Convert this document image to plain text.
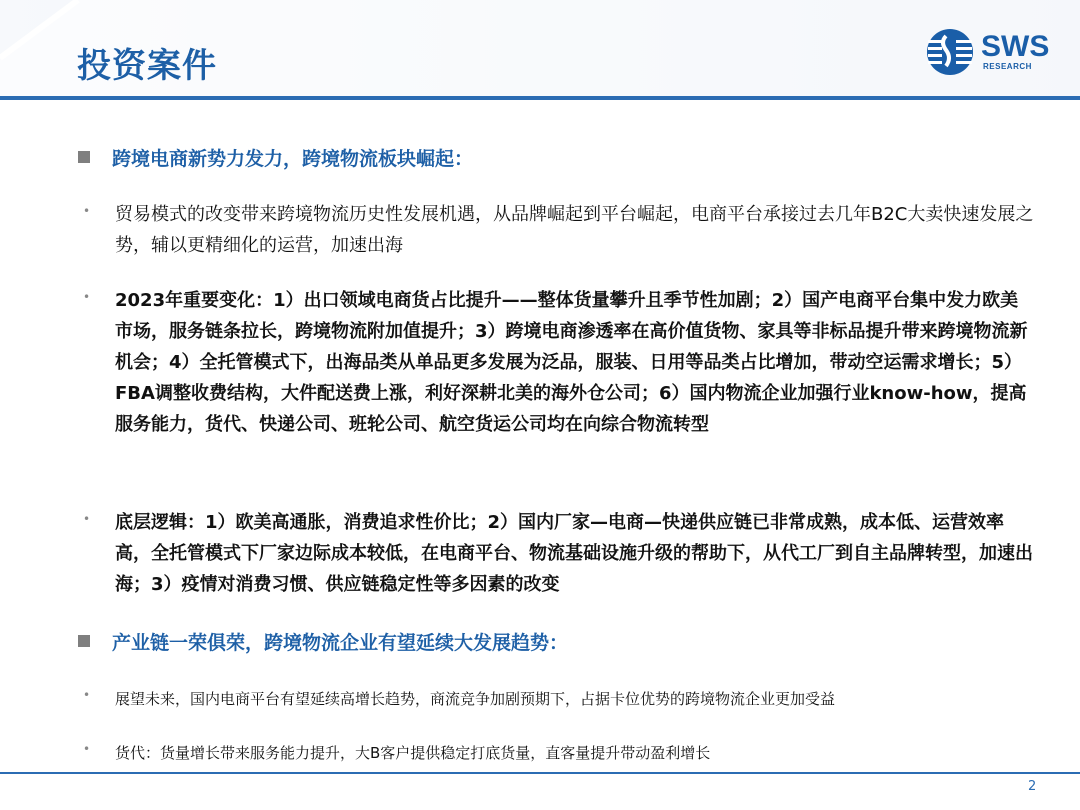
投资案件	SWS
RESEARCH
跨境电商新势力发力，跨境物流板块崛起：
• 贸易模式的改变带来跨境物流历史性发展机遇，从品牌崛起到平台崛起，电商平台承接过去几年B2C大卖快速发展之势，辅以更精细化的运营，加速出海
• 2023年重要变化：1）出口领域电商货占比提升——整体货量攀升且季节性加剧；2）国产电商平台集中发力欧美市场，服务链条拉长，跨境物流附加值提升；3）跨境电商渗透率在高价值货物、家具等非标品提升带来跨境物流新机会；4）全托管模式下，出海品类从单品更多发展为泛品，服装、日用等品类占比增加，带动空运需求增长；5）FBA调整收费结构，大件配送费上涨，利好深耕北美的海外仓公司；6）国内物流企业加强行业know-how，提高服务能力，货代、快递公司、班轮公司、航空货运公司均在向综合物流转型
• 底层逻辑：1）欧美高通胀，消费追求性价比；2）国内厂家—电商—快递供应链已非常成熟，成本低、运营效率高，全托管模式下厂家边际成本较低，在电商平台、物流基础设施升级的帮助下，从代工厂到自主品牌转型，加速出海；3）疫情对消费习惯、供应链稳定性等多因素的改变
产业链一荣俱荣，跨境物流企业有望延续大发展趋势：
• 展望未来，国内电商平台有望延续高增长趋势，商流竞争加剧预期下，占据卡位优势的跨境物流企业更加受益
• 货代：货量增长带来服务能力提升，大B客户提供稳定打底货量，直客量提升带动盈利增长
2
